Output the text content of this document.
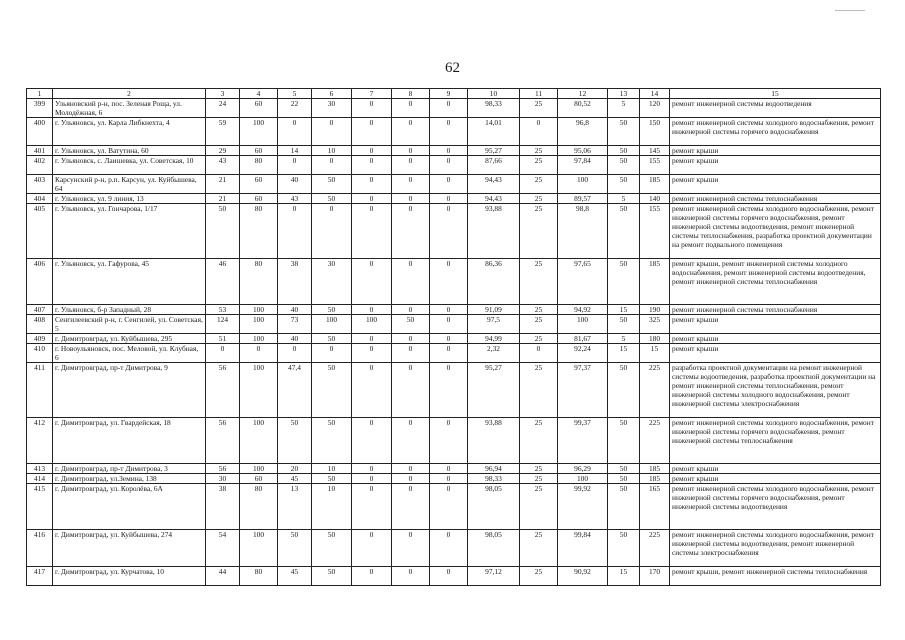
62
1	2	3	4	5	6	7	8	9	10	11	12	13	14	15
399	Ульяновский р-н, пос. Зеленая Роща, ул. Молодёжная, 6	24	60	22	30	0	0	0	98,33	25	80,52	5	120	ремонт инженерной системы водоотведения
400	г. Ульяновск, ул. Карла Либкнехта, 4	59	100	0	0	0	0	0	14,01	0	96,8	50	150	ремонт инженерной системы холодного водоснабжения, ремонт инженерной системы горячего водоснабжения
401	г. Ульяновск, ул. Ватутина, 60	29	60	14	10	0	0	0	95,27	25	95,06	50	145	ремонт крыши
402	г. Ульяновск, с. Лаишевка, ул. Советская, 10	43	80	0	0	0	0	0	87,66	25	97,84	50	155	ремонт крыши
403	Карсунский р-н, р.п. Карсун, ул. Куйбышева, 64	21	60	40	50	0	0	0	94,43	25	100	50	185	ремонт крыши
404	г. Ульяновск, ул. 9 линия, 13	21	60	43	50	0	0	0	94,43	25	89,57	5	140	ремонт инженерной системы теплоснабжения
405	г. Ульяновск, ул. Гончарова, 1/17	50	80	0	0	0	0	0	93,88	25	98,8	50	155	ремонт инженерной системы холодного водоснабжения, ремонт инженерной системы горячего водоснабжения, ремонт инженерной системы водоотведения, ремонт инженерной системы теплоснабжения, разработка проектной документации на ремонт подвального помещения
406	г. Ульяновск, ул. Гафурова, 45	46	80	38	30	0	0	0	86,36	25	97,65	50	185	ремонт крыши, ремонт инженерной системы холодного водоснабжения, ремонт инженерной системы водоотведения, ремонт инженерной системы теплоснабжения
407	г. Ульяновск, б-р Западный, 28	53	100	40	50	0	0	0	91,09	25	94,92	15	190	ремонт инженерной системы теплоснабжения
408	Сенгилеевский р-н, г. Сенгилей, ул. Советская, 5	124	100	73	100	100	50	0	97,5	25	100	50	325	ремонт крыши
409	г. Димитровград, ул. Куйбышева, 295	51	100	40	50	0	0	0	94,99	25	81,67	5	180	ремонт крыши
410	г. Новоульяновск, пос. Меловой, ул. Клубная, 6	0	0	0	0	0	0	0	2,32	0	92,24	15	15	ремонт крыши
411	г. Димитровград, пр-т Димитрова, 9	56	100	47,4	50	0	0	0	95,27	25	97,37	50	225	разработка проектной документации на ремонт инженерной системы водоотведения, разработка проектной документации на ремонт инженерной системы теплоснабжения, ремонт инженерной системы холодного водоснабжения, ремонт инженерной системы электроснабжения
412	г. Димитровград, ул. Гвардейская, 18	56	100	50	50	0	0	0	93,88	25	99,37	50	225	ремонт инженерной системы холодного водоснабжения, ремонт инженерной системы горячего водоснабжения, ремонт инженерной системы теплоснабжения
413	г. Димитровград, пр-т Димитрова, 3	56	100	20	10	0	0	0	96,94	25	96,29	50	185	ремонт крыши
414	г. Димитровград, ул.Земина, 138	30	60	45	50	0	0	0	98,33	25	100	50	185	ремонт крыши
415	г. Димитровград, ул. Королёва, 6А	38	80	13	10	0	0	0	98,05	25	99,92	50	165	ремонт инженерной системы холодного водоснабжения, ремонт инженерной системы горячего водоснабжения, ремонт инженерной системы водоотведения
416	г. Димитровград, ул. Куйбышева, 274	54	100	50	50	0	0	0	98,05	25	99,84	50	225	ремонт инженерной системы холодного водоснабжения, ремонт инженерной системы водоотведения, ремонт инженерной системы электроснабжения
417	г. Димитровград, ул. Курчатова, 10	44	80	45	50	0	0	0	97,12	25	90,92	15	170	ремонт крыши, ремонт инженерной системы теплоснабжения
